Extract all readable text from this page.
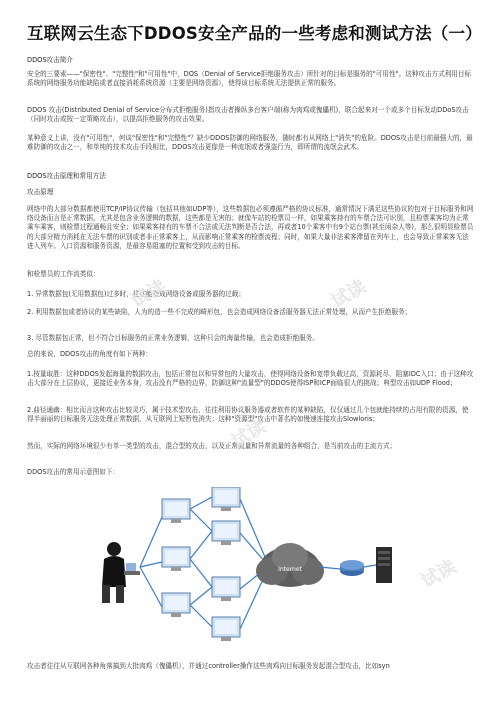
互联网云生态下DDOS安全产品的一些考虑和测试方法（一）
DDOS攻击简介
安全的三要素——"保密性"、"完整性"和"可用性"中，DOS（Denial of Service拒绝服务攻击）所针对的目标是服务的"可用性"。这种攻击方式利用目标系统的网络服务功能缺陷或者直接消耗系统资源（主要是网络资源），使得该目标系统无法提供正常的服务。
DDOS 攻击(Distributed Denial of Service分布式拒绝服务)指攻击者操纵多台客户端(称为肉鸡或傀儡机)，联合起来对一个或多个目标发动DDoS攻击（同时攻击或按一定策略攻击），以提高拒绝服务的攻击效果。
某种意义上讲，没有"可用性"，何谈"保密性"和"完整性"？缺少DDOS防御的网络服务，随时都有从网络上"消失"的危险。DDOS攻击是目前最强大的，最难防御的攻击之一，和单纯的技术攻击手段相比，DDOS攻击更像是一种流氓或者强盗行为，即所谓的流氓会武术。
DDOS攻击原理和常用方法
攻击原理
网络中的大部分数据都使用TCP/IP协议传输（包括其他如UDP等），这些数据包必须遵循严格的协议标准，通常情况下满足这些协议的包对于目标服务和网络设备而言是正常数据，尤其是包含业务逻辑的数据，这些都是无害的；就像车站的检票员一样，如果乘客持有的车票合法可识别，且检票乘客均为正常乘车乘客，则检票过程通畅且安全；如果乘客持有的车票不合法或无法判断是否合法，再或者10个乘客中有9个站台票(甚至闲杂人等)，那么很明显检票员的大部分精力消耗在无法车票的识别或者非正常乘客上，从而影响正常乘客的检票流程；同时，如果大量非法乘客滞留在列车上，也会导致正常乘客无法进入列车。入口资源和服务资源，是最容易阻塞的位置和受到攻击的目标。
和检票员的工作流类似：
1. 异常数据包(无用数据包)过多时，往往能造成网络设备或服务器的过载；
2. 利用数据包或者协议的某些缺陷，人为的造一些不完成的畸形包，也会造成网络设备活服务器无法正常处理，从而产生拒绝服务；
3. 尽管数据包正常，但不符合目标服务的正常业务逻辑，这种只会的海量传输，也会造成拒绝服务。
总的来说，DDOS攻击的角度有如下两种：
1.按量取胜：这种DDOS发起海量的数据攻击，包括正常包以和异常包的大量攻击，使得网络设备和宽带负载过高，资源耗尽，阻塞IDC入口；由于这种攻击大部分在上层协议，更接近业务本身，攻击没有严格的边界，防御这种"流量型"的DDOS使得ISP和ICP面临很大的挑战；典型攻击如UDP Flood；
2.曲径通幽：相比而言这种攻击比较灵巧，属于技术型攻击，往往利用协议服务器或者软件的某种缺陷，仅仅通过几个包就能持续的占用有限的资源，使得半丽丽的目标服务无法处理正常数据，从互联网上短暂性消失；这种"资源型"攻击中著名的如慢速连接攻击Slowloris；
然而，实际的网络环境很少有单一类型的攻击，混合型的攻击，以及正常流量和异常流量的各种组合，是当前攻击的主流方式；
DDOS攻击的常用示意图如下：
Internet
攻击者往往从互联网各种角落搞到大批肉鸡（傀儡机），并通过controller操作这些肉鸡向目标服务发起混合型攻击，比如syn
试读	试读
试读
试读
